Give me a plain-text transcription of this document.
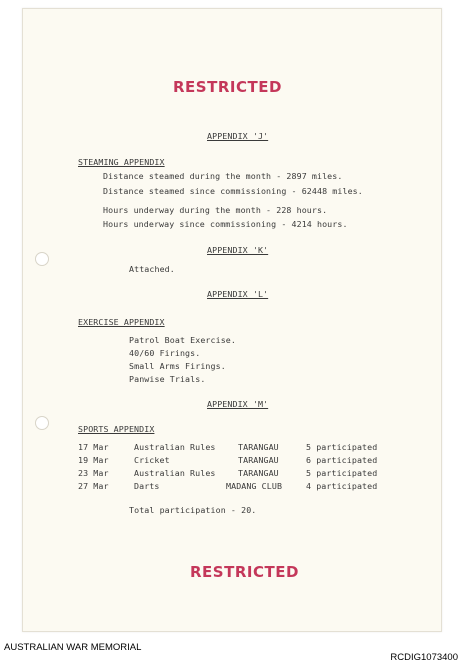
RESTRICTED
APPENDIX 'J'
STEAMING APPENDIX
Distance steamed during the month - 2897 miles.
Distance steamed since commissioning - 62448 miles.
Hours underway during the month - 228 hours.
Hours underway since commissioning - 4214 hours.
APPENDIX 'K'
Attached.
APPENDIX 'L'
EXERCISE APPENDIX
Patrol Boat Exercise.
40/60 Firings.
Small Arms Firings.
Panwise Trials.
APPENDIX 'M'
SPORTS APPENDIX
17 Mar	Australian Rules	TARANGAU	5 participated
19 Mar	Cricket	TARANGAU	6 participated
23 Mar	Australian Rules	TARANGAU	5 participated
27 Mar	Darts	MADANG CLUB	4 participated
Total participation - 20.
RESTRICTED
AUSTRALIAN WAR MEMORIAL
RCDIG1073400
